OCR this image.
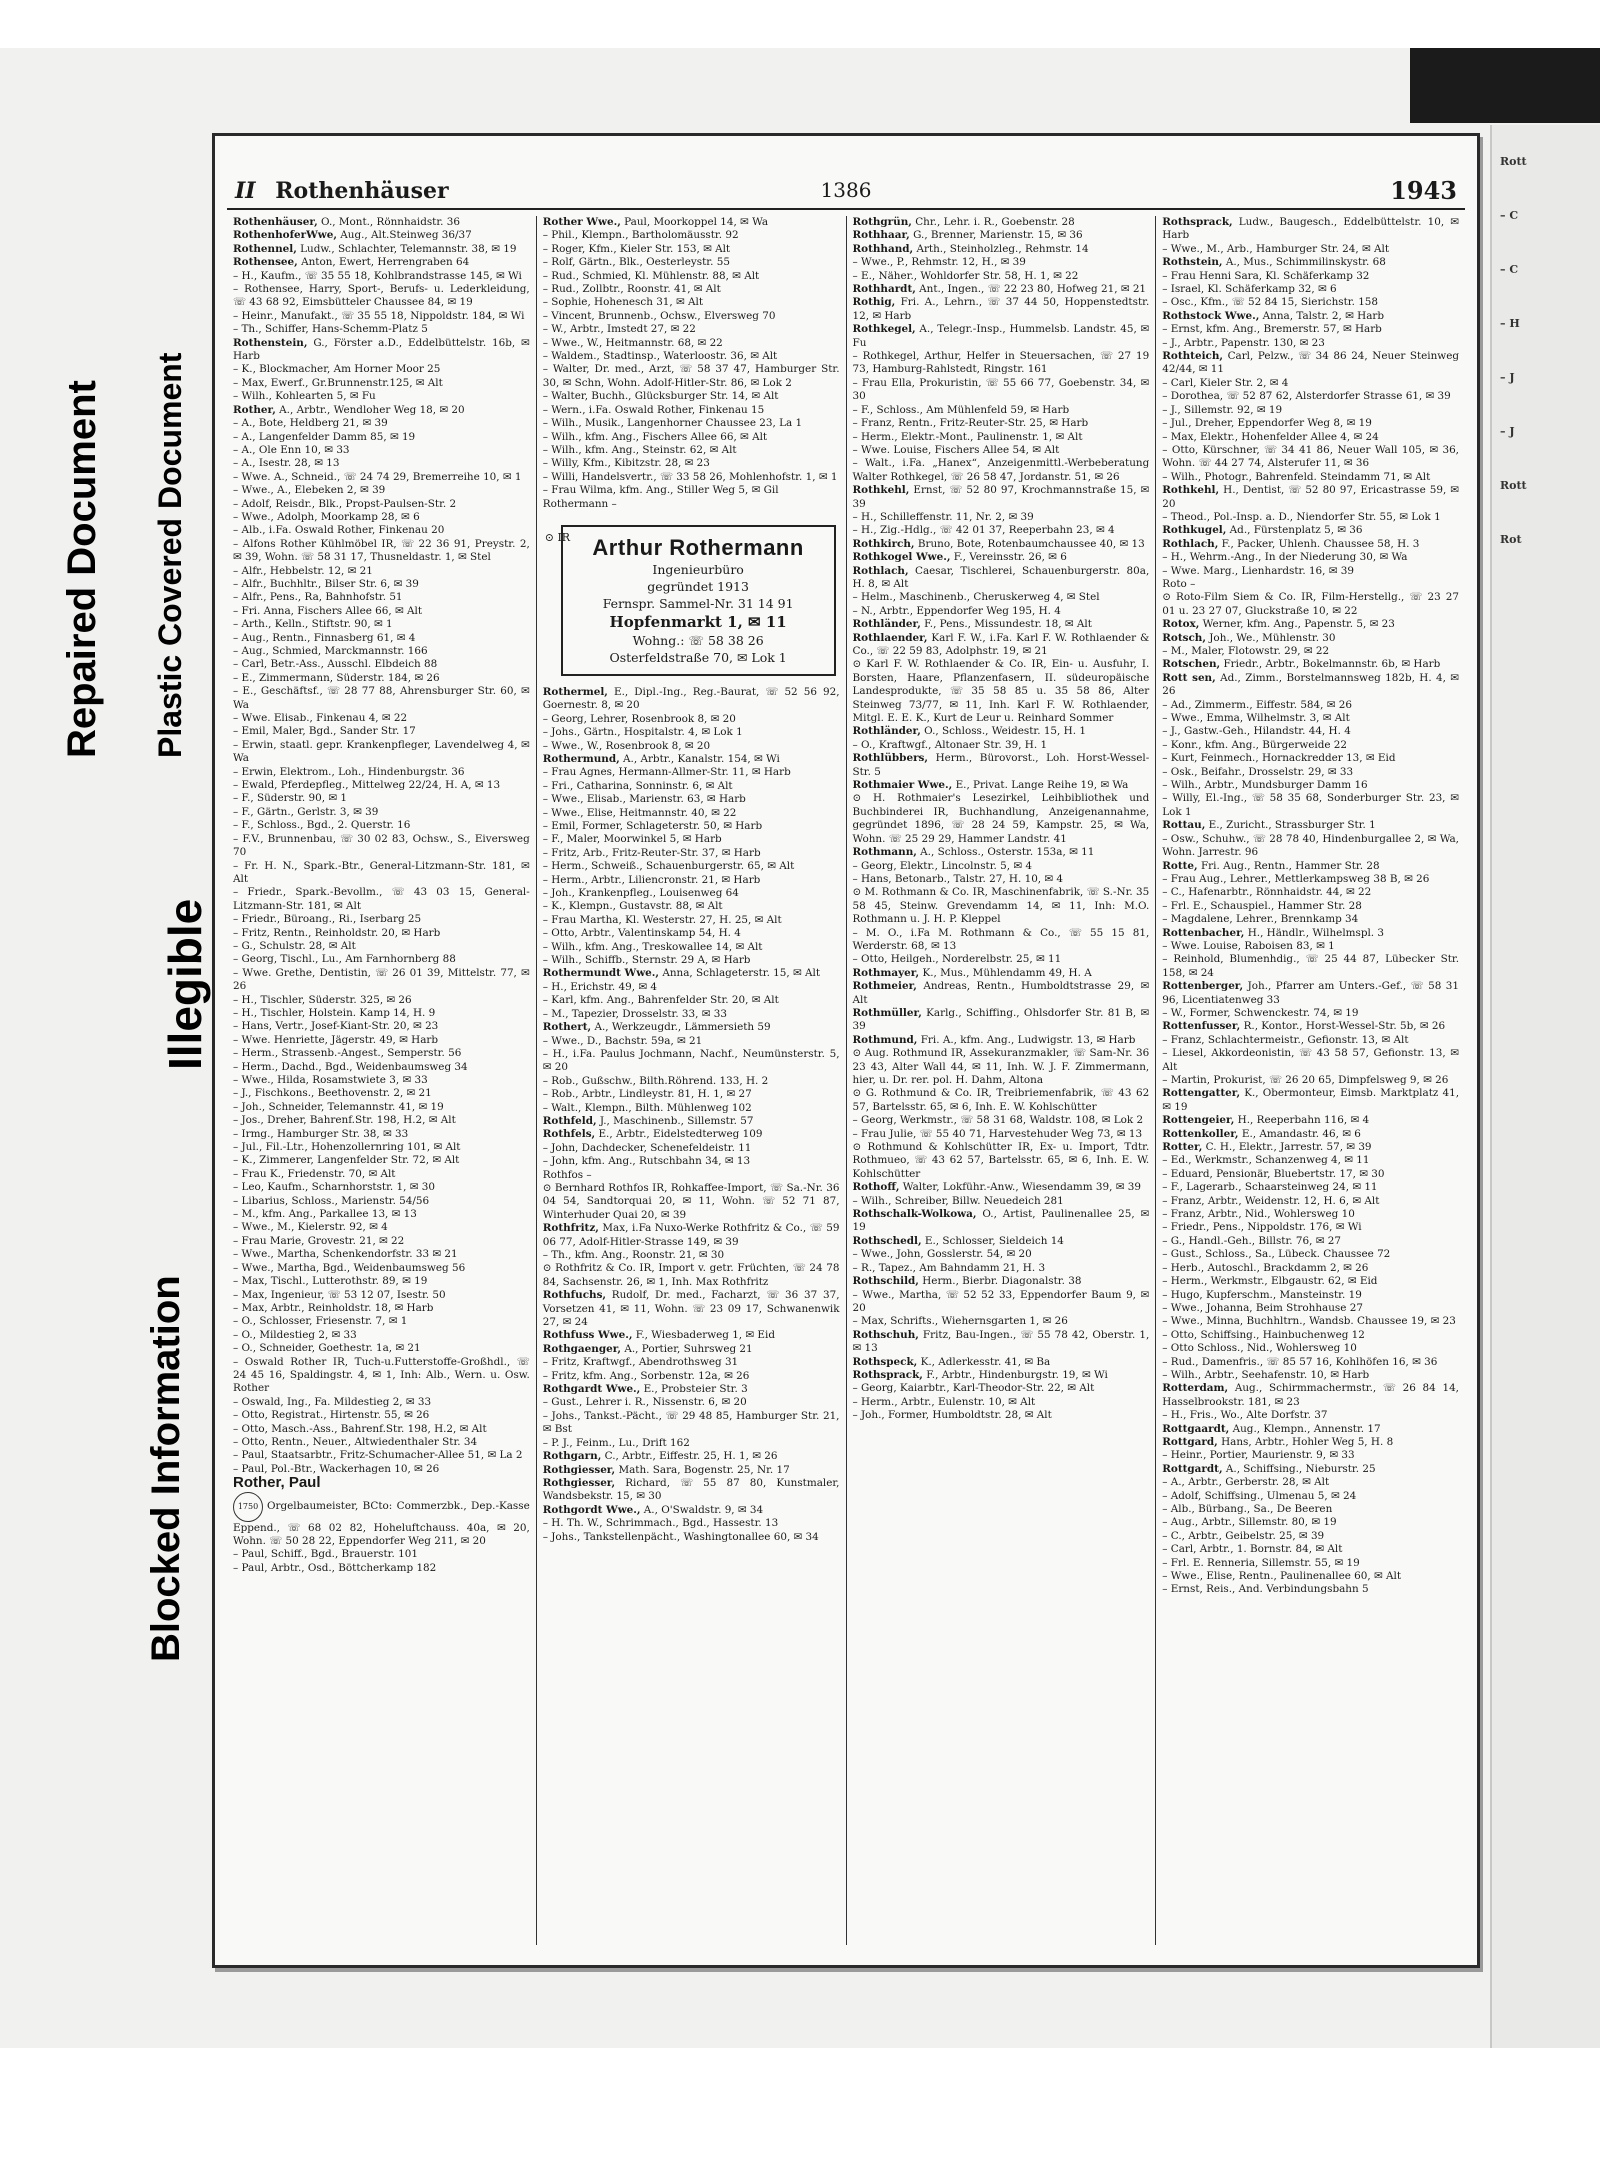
Rott
– C
– C
– H
– J
– J
Rott
Rot
Repaired Document Plastic Covered Document
Illegible
Blocked Information
II Rothenhäuser	1386	1943

Rothenhäuser, O., Mont., Rönnhaidstr. 36

RothenhoferWwe, Aug., Alt.Steinweg 36/37

Rothennel, Ludw., Schlachter, Telemannstr. 38, ✉ 19

Rothensee, Anton, Ewert, Herrengraben 64

– H., Kaufm., ☏ 35 55 18, Kohlbrandstrasse 145, ✉ Wi

– Rothensee, Harry, Sport-, Berufs- u. Lederkleidung, ☏ 43 68 92, Eimsbütteler Chaussee 84, ✉ 19

– Heinr., Manufakt., ☏ 35 55 18, Nippoldstr. 184, ✉ Wi

– Th., Schiffer, Hans-Schemm-Platz 5

Rothenstein, G., Förster a.D., Eddelbüttelstr. 16b, ✉ Harb

– K., Blockmacher, Am Horner Moor 25

– Max, Ewerf., Gr.Brunnenstr.125, ✉ Alt

– Wilh., Kohlearten 5, ✉ Fu

Rother, A., Arbtr., Wendloher Weg 18, ✉ 20

– A., Bote, Heldberg 21, ✉ 39

– A., Langenfelder Damm 85, ✉ 19

– A., Ole Enn 10, ✉ 33

– A., Isestr. 28, ✉ 13

– Wwe. A., Schneid., ☏ 24 74 29, Bremerreihe 10, ✉ 1

– Wwe., A., Elebeken 2, ✉ 39

– Adolf, Reisdr., Blk., Propst-Paulsen-Str. 2

– Wwe., Adolph, Moorkamp 28, ✉ 6

– Alb., i.Fa. Oswald Rother, Finkenau 20

– Alfons Rother Kühlmöbel IR, ☏ 22 36 91, Preystr. 2, ✉ 39, Wohn. ☏ 58 31 17, Thusneldastr. 1, ✉ Stel

– Alfr., Hebbelstr. 12, ✉ 21

– Alfr., Buchhltr., Bilser Str. 6, ✉ 39

– Alfr., Pens., Ra, Bahnhofstr. 51

– Fri. Anna, Fischers Allee 66, ✉ Alt

– Arth., Kelln., Stiftstr. 90, ✉ 1

– Aug., Rentn., Finnasberg 61, ✉ 4

– Aug., Schmied, Marckmannstr. 166

– Carl, Betr.-Ass., Ausschl. Elbdeich 88

– E., Zimmermann, Süderstr. 184, ✉ 26

– E., Geschäftsf., ☏ 28 77 88, Ahrensburger Str. 60, ✉ Wa

– Wwe. Elisab., Finkenau 4, ✉ 22

– Emil, Maler, Bgd., Sander Str. 17

– Erwin, staatl. gepr. Krankenpfleger, Lavendelweg 4, ✉ Wa

– Erwin, Elektrom., Loh., Hindenburgstr. 36

– Ewald, Pferdepfleg., Mittelweg 22/24, H. A, ✉ 13

– F., Süderstr. 90, ✉ 1

– F., Gärtn., Gerlstr. 3, ✉ 39

– F., Schloss., Bgd., 2. Querstr. 16

– F.V., Brunnenbau, ☏ 30 02 83, Ochsw., S., Eiversweg 70

– Fr. H. N., Spark.-Btr., General-Litzmann-Str. 181, ✉ Alt

– Friedr., Spark.-Bevollm., ☏ 43 03 15, General-Litzmann-Str. 181, ✉ Alt

– Friedr., Büroang., Ri., Iserbarg 25

– Fritz, Rentn., Reinholdstr. 20, ✉ Harb

– G., Schulstr. 28, ✉ Alt

– Georg, Tischl., Lu., Am Farnhornberg 88

– Wwe. Grethe, Dentistin, ☏ 26 01 39, Mittelstr. 77, ✉ 26

– H., Tischler, Süderstr. 325, ✉ 26

– H., Tischler, Holstein. Kamp 14, H. 9

– Hans, Vertr., Josef-Kiant-Str. 20, ✉ 23

– Wwe. Henriette, Jägerstr. 49, ✉ Harb

– Herm., Strassenb.-Angest., Semperstr. 56

– Herm., Dachd., Bgd., Weidenbaumsweg 34

– Wwe., Hilda, Rosamstwiete 3, ✉ 33

– J., Fischkons., Beethovenstr. 2, ✉ 21

– Joh., Schneider, Telemannstr. 41, ✉ 19

– Jos., Dreher, Bahrenf.Str. 198, H.2, ✉ Alt

– Irmg., Hamburger Str. 38, ✉ 33

– Jul., Fil.-Ltr., Hohenzollernring 101, ✉ Alt

– K., Zimmerer, Langenfelder Str. 72, ✉ Alt

– Frau K., Friedenstr. 70, ✉ Alt

– Leo, Kaufm., Scharnhorststr. 1, ✉ 30

– Libarius, Schloss., Marienstr. 54/56

– M., kfm. Ang., Parkallee 13, ✉ 13

– Wwe., M., Kielerstr. 92, ✉ 4

– Frau Marie, Grovestr. 21, ✉ 22

– Wwe., Martha, Schenkendorfstr. 33 ✉ 21

– Wwe., Martha, Bgd., Weidenbaumsweg 56

– Max, Tischl., Lutterothstr. 89, ✉ 19

– Max, Ingenieur, ☏ 53 12 07, Isestr. 50

– Max, Arbtr., Reinholdstr. 18, ✉ Harb

– O., Schlosser, Friesenstr. 7, ✉ 1

– O., Mildestieg 2, ✉ 33

– O., Schneider, Goethestr. 1a, ✉ 21

– Oswald Rother IR, Tuch-u.Futterstoffe-Großhdl., ☏ 24 45 16, Spaldingstr. 4, ✉ 1, Inh: Alb., Wern. u. Osw. Rother

– Oswald, Ing., Fa. Mildestieg 2, ✉ 33

– Otto, Registrat., Hirtenstr. 55, ✉ 26

– Otto, Masch.-Ass., Bahrenf.Str. 198, H.2, ✉ Alt

– Otto, Rentn., Neuer., Altwiedenthaler Str. 34

– Paul, Staatsarbtr., Fritz-Schumacher-Allee 51, ✉ La 2

– Paul, Pol.-Btr., Wackerhagen 10, ✉ 26

Rother, Paul

1750 Orgelbaumeister, BCto: Commerzbk., Dep.-Kasse Eppend., ☏ 68 02 82, Hoheluftchauss. 40a, ✉ 20, Wohn. ☏ 50 28 22, Eppendorfer Weg 211, ✉ 20

– Paul, Schiff., Bgd., Brauerstr. 101

– Paul, Arbtr., Osd., Böttcherkamp 182

Rother Wwe., Paul, Moorkoppel 14, ✉ Wa

– Phil., Klempn., Bartholomäusstr. 92

– Roger, Kfm., Kieler Str. 153, ✉ Alt

– Rolf, Gärtn., Blk., Oesterleystr. 55

– Rud., Schmied, Kl. Mühlenstr. 88, ✉ Alt

– Rud., Zollbtr., Roonstr. 41, ✉ Alt

– Sophie, Hohenesch 31, ✉ Alt

– Vincent, Brunnenb., Ochsw., Elversweg 70

– W., Arbtr., Imstedt 27, ✉ 22

– Wwe., W., Heitmannstr. 68, ✉ 22

– Waldem., Stadtinsp., Waterloostr. 36, ✉ Alt

– Walter, Dr. med., Arzt, ☏ 58 37 47, Hamburger Str. 30, ✉ Schn, Wohn. Adolf-Hitler-Str. 86, ✉ Lok 2

– Walter, Buchh., Glücksburger Str. 14, ✉ Alt

– Wern., i.Fa. Oswald Rother, Finkenau 15

– Wilh., Musik., Langenhorner Chaussee 23, La 1

– Wilh., kfm. Ang., Fischers Allee 66, ✉ Alt

– Wilh., kfm. Ang., Steinstr. 62, ✉ Alt

– Willy, Kfm., Kibitzstr. 28, ✉ 23

– Willi, Handelsvertr., ☏ 33 58 26, Mohlenhofstr. 1, ✉ 1

– Frau Wilma, kfm. Ang., Stiller Weg 5, ✉ Gil

Rothermann –

⊙ IR	Arthur Rothermann
Ingenieurbüro
gegründet 1913
Fernspr. Sammel-Nr. 31 14 91
Hopfenmarkt 1, ✉ 11
Wohng.: ☏ 58 38 26
Osterfeldstraße 70, ✉ Lok 1

Rothermel, E., Dipl.-Ing., Reg.-Baurat, ☏ 52 56 92, Goernestr. 8, ✉ 20

– Georg, Lehrer, Rosenbrook 8, ✉ 20

– Johs., Gärtn., Hospitalstr. 4, ✉ Lok 1

– Wwe., W., Rosenbrook 8, ✉ 20

Rothermund, A., Arbtr., Kanalstr. 154, ✉ Wi

– Frau Agnes, Hermann-Allmer-Str. 11, ✉ Harb

– Fri., Catharina, Sonninstr. 6, ✉ Alt

– Wwe., Elisab., Marienstr. 63, ✉ Harb

– Wwe., Elise, Heitmannstr. 40, ✉ 22

– Emil, Former, Schlageterstr. 50, ✉ Harb

– F., Maler, Moorwinkel 5, ✉ Harb

– Fritz, Arb., Fritz-Reuter-Str. 37, ✉ Harb

– Herm., Schweiß., Schauenburgerstr. 65, ✉ Alt

– Herm., Arbtr., Liliencronstr. 21, ✉ Harb

– Joh., Krankenpfleg., Louisenweg 64

– K., Klempn., Gustavstr. 88, ✉ Alt

– Frau Martha, Kl. Westerstr. 27, H. 25, ✉ Alt

– Otto, Arbtr., Valentinskamp 54, H. 4

– Wilh., kfm. Ang., Treskowallee 14, ✉ Alt

– Wilh., Schiffb., Sternstr. 29 A, ✉ Harb

Rothermundt Wwe., Anna, Schlageterstr. 15, ✉ Alt

– H., Erichstr. 49, ✉ 4

– Karl, kfm. Ang., Bahrenfelder Str. 20, ✉ Alt

– M., Tapezier, Drosselstr. 33, ✉ 33

Rothert, A., Werkzeugdr., Lämmersieth 59

– Wwe., D., Bachstr. 59a, ✉ 21

– H., i.Fa. Paulus Jochmann, Nachf., Neumünsterstr. 5, ✉ 20

– Rob., Gußschw., Bilth.Röhrend. 133, H. 2

– Rob., Arbtr., Lindleystr. 81, H. 1, ✉ 27

– Walt., Klempn., Bilth. Mühlenweg 102

Rothfeld, J., Maschinenb., Sillemstr. 57

Rothfels, E., Arbtr., Eidelstedterweg 109

– John, Dachdecker, Schenefeldeistr. 11

– John, kfm. Ang., Rutschbahn 34, ✉ 13

Rothfos –

⊙ Bernhard Rothfos IR, Rohkaffee-Import, ☏ Sa.-Nr. 36 04 54, Sandtorquai 20, ✉ 11, Wohn. ☏ 52 71 87, Winterhuder Quai 20, ✉ 39

Rothfritz, Max, i.Fa Nuxo-Werke Rothfritz & Co., ☏ 59 06 77, Adolf-Hitler-Strasse 149, ✉ 39

– Th., kfm. Ang., Roonstr. 21, ✉ 30

⊙ Rothfritz & Co. IR, Import v. getr. Früchten, ☏ 24 78 84, Sachsenstr. 26, ✉ 1, Inh. Max Rothfritz

Rothfuchs, Rudolf, Dr. med., Facharzt, ☏ 36 37 37, Vorsetzen 41, ✉ 11, Wohn. ☏ 23 09 17, Schwanenwik 27, ✉ 24

Rothfuss Wwe., F., Wiesbaderweg 1, ✉ Eid

Rothgaenger, A., Portier, Suhrsweg 21

– Fritz, Kraftwgf., Abendrothsweg 31

– Fritz, kfm. Ang., Sorbenstr. 12a, ✉ 26

Rothgardt Wwe., E., Probsteier Str. 3

– Gust., Lehrer i. R., Nissenstr. 6, ✉ 20

– Johs., Tankst.-Pächt., ☏ 29 48 85, Hamburger Str. 21, ✉ Bst

– P. J., Feinm., Lu., Drift 162

Rothgarn, C., Arbtr., Eiffestr. 25, H. 1, ✉ 26

Rothgiesser, Math. Sara, Bogenstr. 25, Nr. 17

Rothgiesser, Richard, ☏ 55 87 80, Kunstmaler, Wandsbekstr. 15, ✉ 30

Rothgordt Wwe., A., O'Swaldstr. 9, ✉ 34

– H. Th. W., Schrimmach., Bgd., Hassestr. 13

– Johs., Tankstellenpächt., Washingtonallee 60, ✉ 34

Rothgrün, Chr., Lehr. i. R., Goebenstr. 28

Rothhaar, G., Brenner, Marienstr. 15, ✉ 36

Rothhand, Arth., Steinholzleg., Rehmstr. 14

– Wwe., P., Rehmstr. 12, H., ✉ 39

– E., Näher., Wohldorfer Str. 58, H. 1, ✉ 22

Rothhardt, Ant., Ingen., ☏ 22 23 80, Hofweg 21, ✉ 21

Rothig, Fri. A., Lehrn., ☏ 37 44 50, Hoppenstedtstr. 12, ✉ Harb

Rothkegel, A., Telegr.-Insp., Hummelsb. Landstr. 45, ✉ Fu

– Rothkegel, Arthur, Helfer in Steuersachen, ☏ 27 19 73, Hamburg-Rahlstedt, Ringstr. 161

– Frau Ella, Prokuristin, ☏ 55 66 77, Goebenstr. 34, ✉ 30

– F., Schloss., Am Mühlenfeld 59, ✉ Harb

– Franz, Rentn., Fritz-Reuter-Str. 25, ✉ Harb

– Herm., Elektr.-Mont., Paulinenstr. 1, ✉ Alt

– Wwe. Louise, Fischers Allee 54, ✉ Alt

– Walt., i.Fa. „Hanex“, Anzeigenmittl.-Werbeberatung Walter Rothkegel, ☏ 26 58 47, Jordanstr. 51, ✉ 26

Rothkehl, Ernst, ☏ 52 80 97, Krochmannstraße 15, ✉ 39

– H., Schilleffenstr. 11, Nr. 2, ✉ 39

– H., Zig.-Hdlg., ☏ 42 01 37, Reeperbahn 23, ✉ 4

Rothkirch, Bruno, Bote, Rotenbaumchaussee 40, ✉ 13

Rothkogel Wwe., F., Vereinsstr. 26, ✉ 6

Rothlach, Caesar, Tischlerei, Schauenburgerstr. 80a, H. 8, ✉ Alt

– Helm., Maschinenb., Cheruskerweg 4, ✉ Stel

– N., Arbtr., Eppendorfer Weg 195, H. 4

Rothländer, F., Pens., Missundestr. 18, ✉ Alt

Rothlaender, Karl F. W., i.Fa. Karl F. W. Rothlaender & Co., ☏ 22 59 83, Adolphstr. 19, ✉ 21

⊙ Karl F. W. Rothlaender & Co. IR, Ein- u. Ausfuhr, I. Borsten, Haare, Pflanzenfasern, II. südeuropäische Landesprodukte, ☏ 35 58 85 u. 35 58 86, Alter Steinweg 73/77, ✉ 11, Inh. Karl F. W. Rothlaender, Mitgl. E. E. K., Kurt de Leur u. Reinhard Sommer

Rothländer, O., Schloss., Weidestr. 15, H. 1

– O., Kraftwgf., Altonaer Str. 39, H. 1

Rothlübbers, Herm., Bürovorst., Loh. Horst-Wessel-Str. 5

Rothmaier Wwe., E., Privat. Lange Reihe 19, ✉ Wa

⊙ H. Rothmaier's Lesezirkel, Leihbibliothek und Buchbinderei IR, Buchhandlung, Anzeigenannahme, gegründet 1896, ☏ 28 24 59, Kampstr. 25, ✉ Wa, Wohn. ☏ 25 29 29, Hammer Landstr. 41

Rothmann, A., Schloss., Osterstr. 153a, ✉ 11

– Georg, Elektr., Lincolnstr. 5, ✉ 4

– Hans, Betonarb., Talstr. 27, H. 10, ✉ 4

⊙ M. Rothmann & Co. IR, Maschinenfabrik, ☏ S.-Nr. 35 58 45, Steinw. Grevendamm 14, ✉ 11, Inh: M.O. Rothmann u. J. H. P. Kleppel

– M. O., i.Fa M. Rothmann & Co., ☏ 55 15 81, Werderstr. 68, ✉ 13

– Otto, Heilgeh., Norderelbstr. 25, ✉ 11

Rothmayer, K., Mus., Mühlendamm 49, H. A

Rothmeier, Andreas, Rentn., Humboldtstrasse 29, ✉ Alt

Rothmüller, Karlg., Schiffing., Ohlsdorfer Str. 81 B, ✉ 39

Rothmund, Fri. A., kfm. Ang., Ludwigstr. 13, ✉ Harb

⊙ Aug. Rothmund IR, Assekuranzmakler, ☏ Sam-Nr. 36 23 43, Alter Wall 44, ✉ 11, Inh. W. J. F. Zimmermann, hier, u. Dr. rer. pol. H. Dahm, Altona

⊙ G. Rothmund & Co. IR, Treibriemenfabrik, ☏ 43 62 57, Bartelsstr. 65, ✉ 6, Inh. E. W. Kohlschütter

– Georg, Werkmstr., ☏ 58 31 68, Waldstr. 108, ✉ Lok 2

– Frau Julie, ☏ 55 40 71, Harvestehuder Weg 73, ✉ 13

⊙ Rothmund & Kohlschütter IR, Ex- u. Import, Tdtr. Rothmueo, ☏ 43 62 57, Bartelsstr. 65, ✉ 6, Inh. E. W. Kohlschütter

Rothoff, Walter, Lokführ.-Anw., Wiesendamm 39, ✉ 39

– Wilh., Schreiber, Billw. Neuedeich 281

Rothschalk-Wolkowa, O., Artist, Paulinenallee 25, ✉ 19

Rothschedl, E., Schlosser, Sieldeich 14

– Wwe., John, Gosslerstr. 54, ✉ 20

– R., Tapez., Am Bahndamm 21, H. 3

Rothschild, Herm., Bierbr. Diagonalstr. 38

– Wwe., Martha, ☏ 52 52 33, Eppendorfer Baum 9, ✉ 20

– Max, Schrifts., Wiehernsgarten 1, ✉ 26

Rothschuh, Fritz, Bau-Ingen., ☏ 55 78 42, Oberstr. 1, ✉ 13

Rothspeck, K., Adlerkesstr. 41, ✉ Ba

Rothsprack, F., Arbtr., Hindenburgstr. 19, ✉ Wi

– Georg, Kaiarbtr., Karl-Theodor-Str. 22, ✉ Alt

– Herm., Arbtr., Eulenstr. 10, ✉ Alt

– Joh., Former, Humboldtstr. 28, ✉ Alt

Rothsprack, Ludw., Baugesch., Eddelbüttelstr. 10, ✉ Harb

– Wwe., M., Arb., Hamburger Str. 24, ✉ Alt

Rothstein, A., Mus., Schimmilinskystr. 68

– Frau Henni Sara, Kl. Schäferkamp 32

– Israel, Kl. Schäferkamp 32, ✉ 6

– Osc., Kfm., ☏ 52 84 15, Sierichstr. 158

Rothstock Wwe., Anna, Talstr. 2, ✉ Harb

– Ernst, kfm. Ang., Bremerstr. 57, ✉ Harb

– J., Arbtr., Papenstr. 130, ✉ 23

Rothteich, Carl, Pelzw., ☏ 34 86 24, Neuer Steinweg 42/44, ✉ 11

– Carl, Kieler Str. 2, ✉ 4

– Dorothea, ☏ 52 87 62, Alsterdorfer Strasse 61, ✉ 39

– J., Sillemstr. 92, ✉ 19

– Jul., Dreher, Eppendorfer Weg 8, ✉ 19

– Max, Elektr., Hohenfelder Allee 4, ✉ 24

– Otto, Kürschner, ☏ 34 41 86, Neuer Wall 105, ✉ 36, Wohn. ☏ 44 27 74, Alsterufer 11, ✉ 36

– Wilh., Photogr., Bahrenfeld. Steindamm 71, ✉ Alt

Rothkehl, H., Dentist, ☏ 52 80 97, Ericastrasse 59, ✉ 20

– Theod., Pol.-Insp. a. D., Niendorfer Str. 55, ✉ Lok 1

Rothkugel, Ad., Fürstenplatz 5, ✉ 36

Rothlach, F., Packer, Uhlenh. Chaussee 58, H. 3

– H., Wehrm.-Ang., In der Niederung 30, ✉ Wa

– Wwe. Marg., Lienhardstr. 16, ✉ 39

Roto –

⊙ Roto-Film Siem & Co. IR, Film-Herstellg., ☏ 23 27 01 u. 23 27 07, Gluckstraße 10, ✉ 22

Rotox, Werner, kfm. Ang., Papenstr. 5, ✉ 23

Rotsch, Joh., We., Mühlenstr. 30

– M., Maler, Flotowstr. 29, ✉ 22

Rotschen, Friedr., Arbtr., Bokelmannstr. 6b, ✉ Harb

Rott sen, Ad., Zimm., Borstelmannsweg 182b, H. 4, ✉ 26

– Ad., Zimmerm., Eiffestr. 584, ✉ 26

– Wwe., Emma, Wilhelmstr. 3, ✉ Alt

– J., Gastw.-Geh., Hilandstr. 44, H. 4

– Konr., kfm. Ang., Bürgerweide 22

– Kurt, Feinmech., Hornackredder 13, ✉ Eid

– Osk., Beifahr., Drosselstr. 29, ✉ 33

– Wilh., Arbtr., Mundsburger Damm 16

– Willy, El.-Ing., ☏ 58 35 68, Sonderburger Str. 23, ✉ Lok 1

Rottau, E., Zuricht., Strassburger Str. 1

– Osw., Schuhw., ☏ 28 78 40, Hindenburgallee 2, ✉ Wa, Wohn. Jarrestr. 96

Rotte, Fri. Aug., Rentn., Hammer Str. 28

– Frau Aug., Lehrer., Mettlerkampsweg 38 B, ✉ 26

– C., Hafenarbtr., Rönnhaidstr. 44, ✉ 22

– Frl. E., Schauspiel., Hammer Str. 28

– Magdalene, Lehrer., Brennkamp 34

Rottenbacher, H., Händlr., Wilhelmspl. 3

– Wwe. Louise, Raboisen 83, ✉ 1

– Reinhold, Blumenhdig., ☏ 25 44 87, Lübecker Str. 158, ✉ 24

Rottenberger, Joh., Pfarrer am Unters.-Gef., ☏ 58 31 96, Licentiatenweg 33

– W., Former, Schwenckestr. 74, ✉ 19

Rottenfusser, R., Kontor., Horst-Wessel-Str. 5b, ✉ 26

– Franz, Schlachtermeistr., Gefionstr. 13, ✉ Alt

– Liesel, Akkordeonistin, ☏ 43 58 57, Gefionstr. 13, ✉ Alt

– Martin, Prokurist, ☏ 26 20 65, Dimpfelsweg 9, ✉ 26

Rottengatter, K., Obermonteur, Eimsb. Marktplatz 41, ✉ 19

Rottengeier, H., Reeperbahn 116, ✉ 4

Rottenkoller, E., Amandastr. 46, ✉ 6

Rotter, C. H., Elektr., Jarrestr. 57, ✉ 39

– Ed., Werkmstr., Schanzenweg 4, ✉ 11

– Eduard, Pensionär, Bluebertstr. 17, ✉ 30

– F., Lagerarb., Schaarsteinweg 24, ✉ 11

– Franz, Arbtr., Weidenstr. 12, H. 6, ✉ Alt

– Franz, Arbtr., Nid., Wohlersweg 10

– Friedr., Pens., Nippoldstr. 176, ✉ Wi

– G., Handl.-Geh., Billstr. 76, ✉ 27

– Gust., Schloss., Sa., Lübeck. Chaussee 72

– Herb., Autoschl., Brackdamm 2, ✉ 26

– Herm., Werkmstr., Elbgaustr. 62, ✉ Eid

– Hugo, Kupferschm., Mansteinstr. 19

– Wwe., Johanna, Beim Strohhause 27

– Wwe., Minna, Buchhltrn., Wandsb. Chaussee 19, ✉ 23

– Otto, Schiffsing., Hainbuchenweg 12

– Otto Schloss., Nid., Wohlersweg 10

– Rud., Damenfris., ☏ 85 57 16, Kohlhöfen 16, ✉ 36

– Wilh., Arbtr., Seehafenstr. 10, ✉ Harb

Rotterdam, Aug., Schirmmachermstr., ☏ 26 84 14, Hasselbrookstr. 181, ✉ 23

– H., Fris., Wo., Alte Dorfstr. 37

Rottgaardt, Aug., Klempn., Annenstr. 17

Rottgard, Hans, Arbtr., Hohler Weg 5, H. 8

– Heinr., Portier, Maurienstr. 9, ✉ 33

Rottgardt, A., Schiffsing., Nieburstr. 25

– A., Arbtr., Gerberstr. 28, ✉ Alt

– Adolf, Schiffsing., Ulmenau 5, ✉ 24

– Alb., Bürbang., Sa., De Beeren

– Aug., Arbtr., Sillemstr. 80, ✉ 19

– C., Arbtr., Geibelstr. 25, ✉ 39

– Carl, Arbtr., 1. Bornstr. 84, ✉ Alt

– Frl. E. Renneria, Sillemstr. 55, ✉ 19

– Wwe., Elise, Rentn., Paulinenallee 60, ✉ Alt

– Ernst, Reis., And. Verbindungsbahn 5
